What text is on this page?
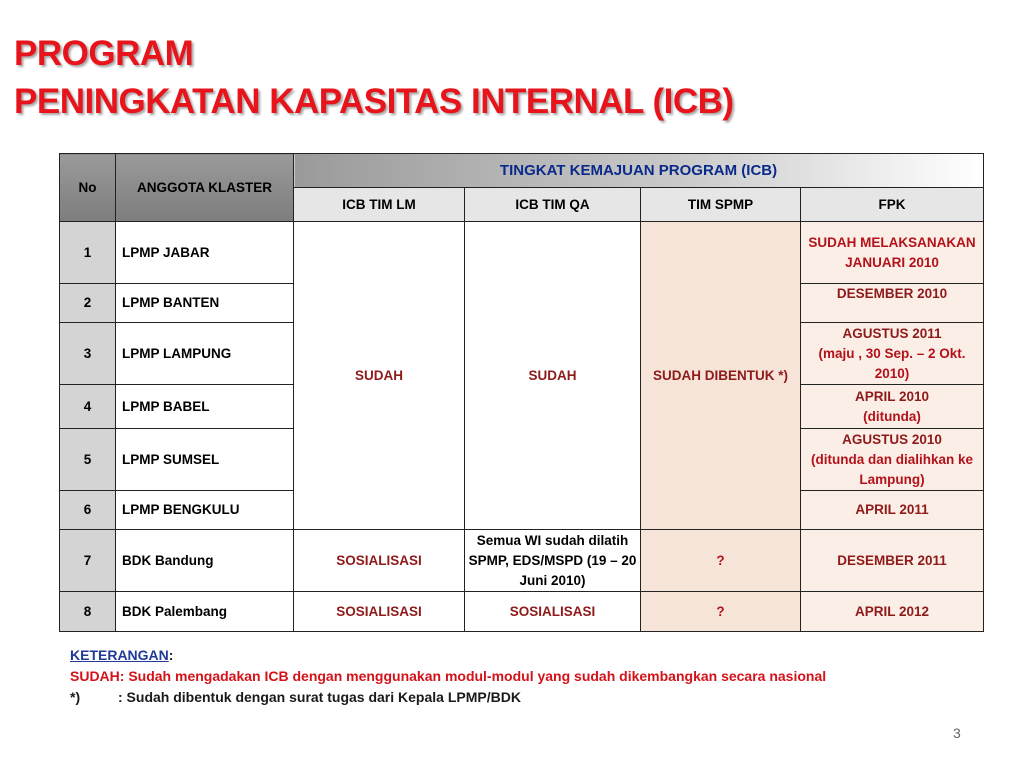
PROGRAM
PENINGKATAN KAPASITAS INTERNAL (ICB)
No	ANGGOTA KLASTER	TINGKAT KEMAJUAN PROGRAM (ICB)			
		ICB TIM LM	ICB TIM QA	TIM SPMP	FPK
1	LPMP JABAR	SUDAH	SUDAH	SUDAH DIBENTUK *)	SUDAH MELAKSANAKAN JANUARI 2010
2	LPMP BANTEN				DESEMBER 2010
3	LPMP LAMPUNG				AGUSTUS 2011
(maju , 30 Sep. – 2 Okt. 2010)
4	LPMP BABEL				APRIL 2010
(ditunda)
5	LPMP SUMSEL				AGUSTUS 2010
(ditunda dan dialihkan ke Lampung)
6	LPMP BENGKULU				APRIL 2011
7	BDK Bandung	SOSIALISASI	Semua WI sudah dilatih SPMP, EDS/MSPD (19 – 20 Juni 2010)	?	DESEMBER 2011
8	BDK Palembang	SOSIALISASI	SOSIALISASI	?	APRIL 2012
KETERANGAN:
SUDAH: Sudah mengadakan ICB dengan menggunakan modul-modul yang sudah dikembangkan secara nasional
*)	: Sudah dibentuk dengan surat tugas dari Kepala LPMP/BDK
3
